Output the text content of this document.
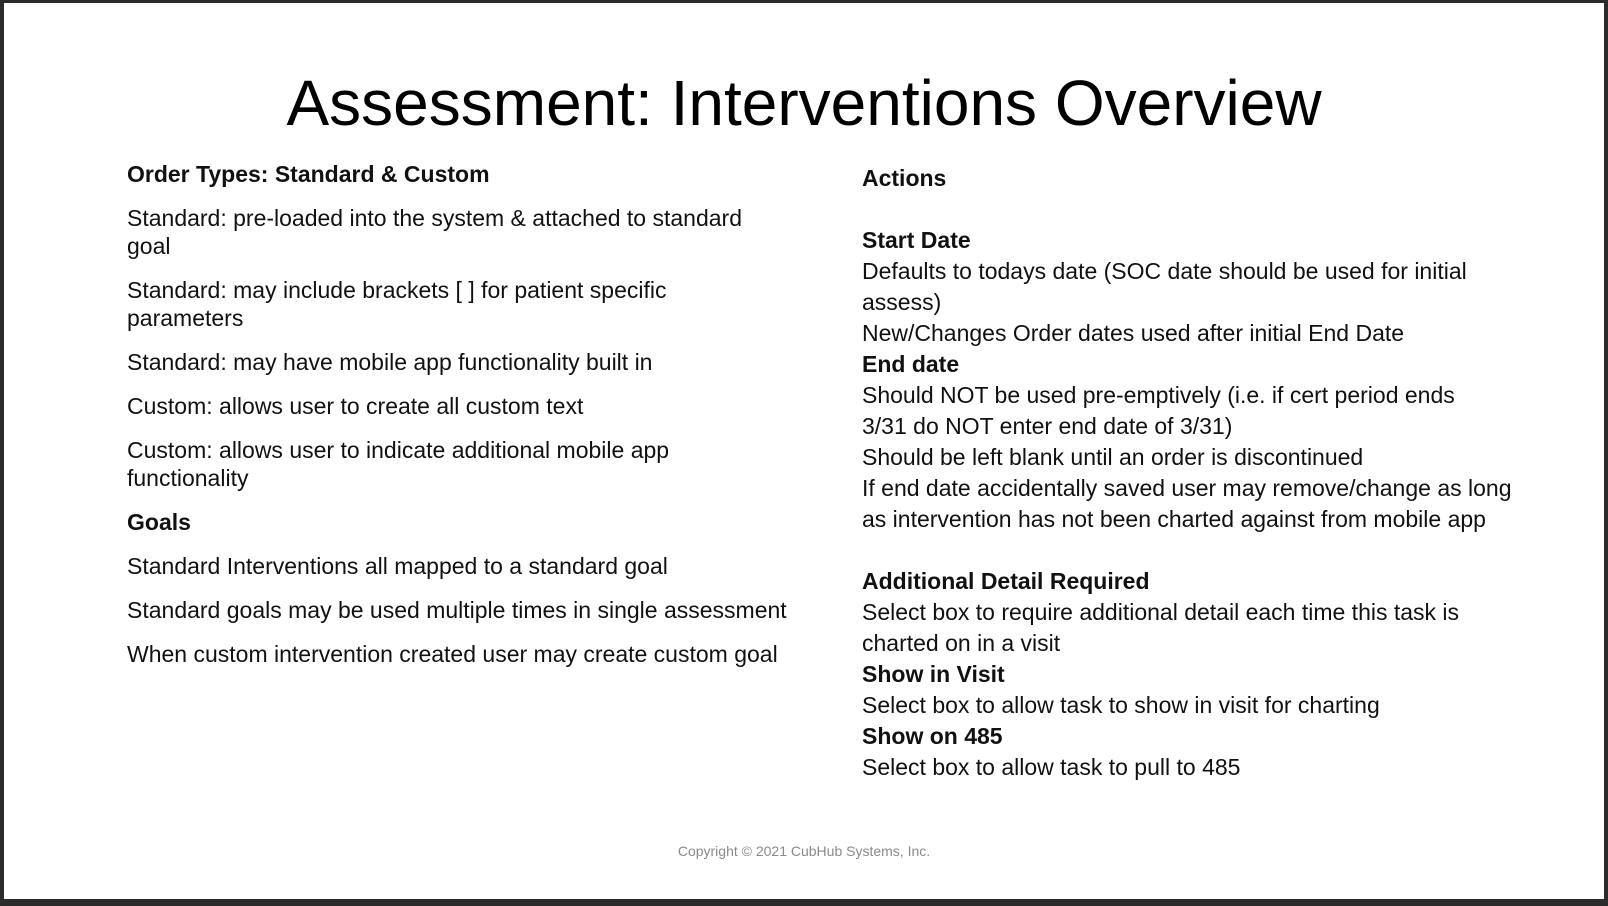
Assessment: Interventions Overview

Order Types: Standard & Custom

Standard: pre-loaded into the system & attached to standard goal

Standard: may include brackets [ ] for patient specific parameters

Standard: may have mobile app functionality built in

Custom: allows user to create all custom text

Custom: allows user to indicate additional mobile app functionality

Goals

Standard Interventions all mapped to a standard goal

Standard goals may be used multiple times in single assessment

When custom intervention created user may create custom goal

Actions

Start Date

Defaults to todays date (SOC date should be used for initial assess)

New/Changes Order dates used after initial End Date

End date

Should NOT be used pre-emptively (i.e. if cert period ends 3/31 do NOT enter end date of 3/31)

Should be left blank until an order is discontinued

If end date accidentally saved user may remove/change as long as intervention has not been charted against from mobile app

Additional Detail Required

Select box to require additional detail each time this task is charted on in a visit

Show in Visit

Select box to allow task to show in visit for charting

Show on 485

Select box to allow task to pull to 485

Copyright © 2021 CubHub Systems, Inc.
